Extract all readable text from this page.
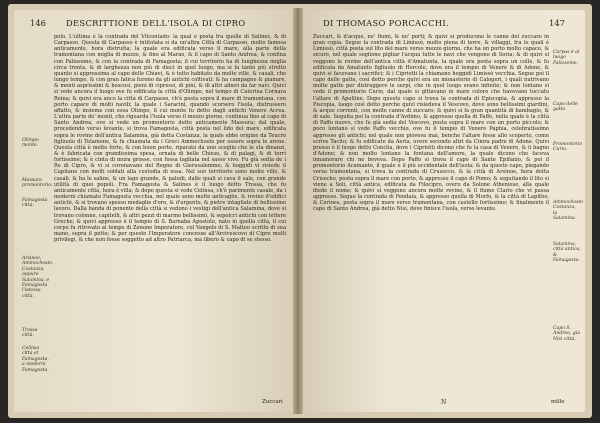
146 DESCRITTIONE DELL'ISOLA DI CIPRO
Olimpo monte.
Massura promontorio.
Famagosta città.
Arsinoe, Ammochosto, Costanza, oppure Salamina, e Famagosta l'istessa città.
Trossa città.
Celinsa città et Famagosta, a moderni Famagosta.

polo. L'ultima è la contrada del Vitcontado: la qual è posta fra quelle di Salines, & di Carpasso. Questa di Carpasso è intitolata sì da un'altra Città di Carpasso, molto famosa anticamente, hora distrutta; la quale era edificata verso il mare, alla parte della tramontana con miglia di mezzo, & fino al Marao, & il capo di Santo Andrea, & confina con Paliosomo, & con la contrada di Famagosta; il cui territorio ha di lunghezza miglia circa trenta, & di larghezza non più di dieci in quel luogo, ma si fa tanto più stretto quanto si approssima al capo delle Chiavi, & è tutto habitato da molte ville, & casali, che lungo tempo, & con gran fatica furono da gli antichi coltivati: & ha campagne & pianure, & monti asprissimi & boscosi, pieni di cipressi, di pini, & di altri alberi da far navi. Quivi si vede ancora il luogo ove fu edificata la città d'Olimpo, nel tempo di Caterina Cornara Reina; & quivi era anco la città di Carpasso, ch'è posta sopra il mare di tramontana, con porto capace di molti navili; la quale i Saracini, quando scorsero l'isola, distrussero affatto, & insieme con essa Olimpo, il cui monte fu detto dagli antichi Venere Acrea. L'altra parte de' monti, che riguarda l'Isola verso il mezzo giorno, continua fino al capo di Santo Andrea, ove si vede un promontorio detto anticamente Massura; dal quale, procedendo verso levante, si trova Famagosta, città posta nel lido del mare, edificata sopra le rovine dell'antica Salamina, già detta Costanza, la quale ebbe origine da Teucro figliuolo di Telamone, & fu chiamata da i Greci Ammochosto per essere sopra le arene. Questa città è molto forte, & con buon porto, riparato da uno scoglio che le sta dinanzi, & è fabricata con grandissima spesa, ornata di belle Chiese, & di palagi, & di torri fortissime; & è cinta di mura grosse, con fossa tagliata nel sasso vivo. Fu già sedia de i Re di Cipro, & vi si coronavano del Regno di Gierusalemme; & hoggidì vi risiede il Capitano con molti soldati alla custodia di essa. Nel suo territorio sono molte ville, & casali, & ha le saline, & un lago grande, & paludi, dalle quali si cava il sale, con grande utilità di quei popoli. Fra Famagosta & Salines è il luogo detto Trossa, che fu anticamente città, hora è villa; & dopo questa si vede Celinsa, ch'è parimente casale, da i moderni chiamato Famagosta vecchia, nel quale sono molte anticaglie, & rovine d'edifici antichi, & si trovano spesso medaglie d'oro, & d'argento, & pietre intagliate di bellissimo lavoro. Dalla banda di ponente della città si vedono i vestigi dell'antica Salamina, dove si trovano colonne, capitelli, & altri pezzi di marmo bellissimi, & sepolcri antichi con lettere Greche; & quivi appresso è il tempio di S. Barnaba Apostolo, nato in quella città, il cui corpo fu ritrovato al tempo di Zenone Imperatore, col Vangelo di S. Matteo scritto di sua mano, sopra il petto; & per questo l'Imperatore concesse all'Arcivescovo di Cipro molti privilegi, & che non fosse soggetto ad altro Patriarca, ma libero & capo di se stesso.

Zuccari
DI THOMASO PORCACCHI.	147

Zuccari, & d'acque, ne' fiumi, & ne' porti; & quivi si producono le canne del zuccaro in gran copia. Segue la contrada di Limissò, molto piena di terre, & villaggi, fra le quali è Limissò, città posta sul lito del mare verso mezzo giorno, che ha un porto molto capace, & sicuro, nel quale sogliono pigliar l'acqua tutte le navi che vengono di Soria; & di quivi si veggono le rovine dell'antica città d'Amatunta, la quale era posta sopra un colle, & fu edificata da Amatunto figliuolo di Hercole, dove era il tempio di Venere & di Adone, & quivi si facevano i sacrifici; & i Cipriotti la chiamano hoggidì Limissò vecchia. Segue poi il capo delle gatte, così detto perche quivi era un monasterio di Calogeri, i quali nutrivano molte gatte per distruggere le serpi, che in quel luogo erano infinite; & non lontano si vede il promontorio Curio, dal quale si gittavano in mare coloro che havevano toccato l'altare di Apolline. Dopo questo capo si trova la contrada di Episcopia, & appresso la Piscopia, luogo così detto perche quivi risiedeva il Vescovo, dove sono bellissimi giardini, & acque correnti, con molte canne di zuccaro; & quivi si fa gran quantità di bambagio, & di sale. Seguita poi la contrada d'Avdimo, & appresso quella di Paffo, nella quale è la città di Paffo nuovo, che fu già sedia del Vescovo, posta sopra il mare con un porto piccolo; & poco lontano si vede Paffo vecchio, ove fu il tempio di Venere Paphia, celebratissimo appresso gli antichi; nel quale non pioveva mai, benche l'altare fosse allo scoperto, come scrive Tacito; & fu edificato da Aeria, overo secondo altri da Cinira padre di Adone. Quivi presso è il luogo detto Conclia, dove i Cipriotti dicono che fu la casa di Venere, & il bagno d'Adone; & non molto lontano la fontana dell'amore, la quale dicono che faceva innamorare chi ne beveva. Dopo Paffo si trova il capo di Santo Epifanio, & poi il promontorio Acamante, il quale è il più occidentale dell'isola; & da questo capo, piegando verso tramontana, si trova la contrada di Crusocco, & la città di Arsinoe, hora detta Crisocho, posta sopra il mare con porto, & appresso il capo di Pomo; & seguitando il lito si viene a Soli, città antica, edificata da Filocipro, overo da Solone Atheniese, alla quale diede il nome; & quivi si veggono ancora molte rovine, & il fiume Clario che vi passa appresso. Segue la contrada di Pendaia, & appresso quella di Morfo, & la città di Lapitho, & Cerines, posta sopra il mare verso tramontana, con castello fortissimo; & finalmente il capo di Santo Andrea, già detto Nisi, dove finisce l'isola, verso levante.

Carpas è al luogo Paliosomo.
Capo delle gatte.
Promontorio Curio.
Ammochosto Costanza, la Salamina.
Salamina, città antica, & Famagosta.
Capo S. Andrea, già Nisi città.
N	mille
